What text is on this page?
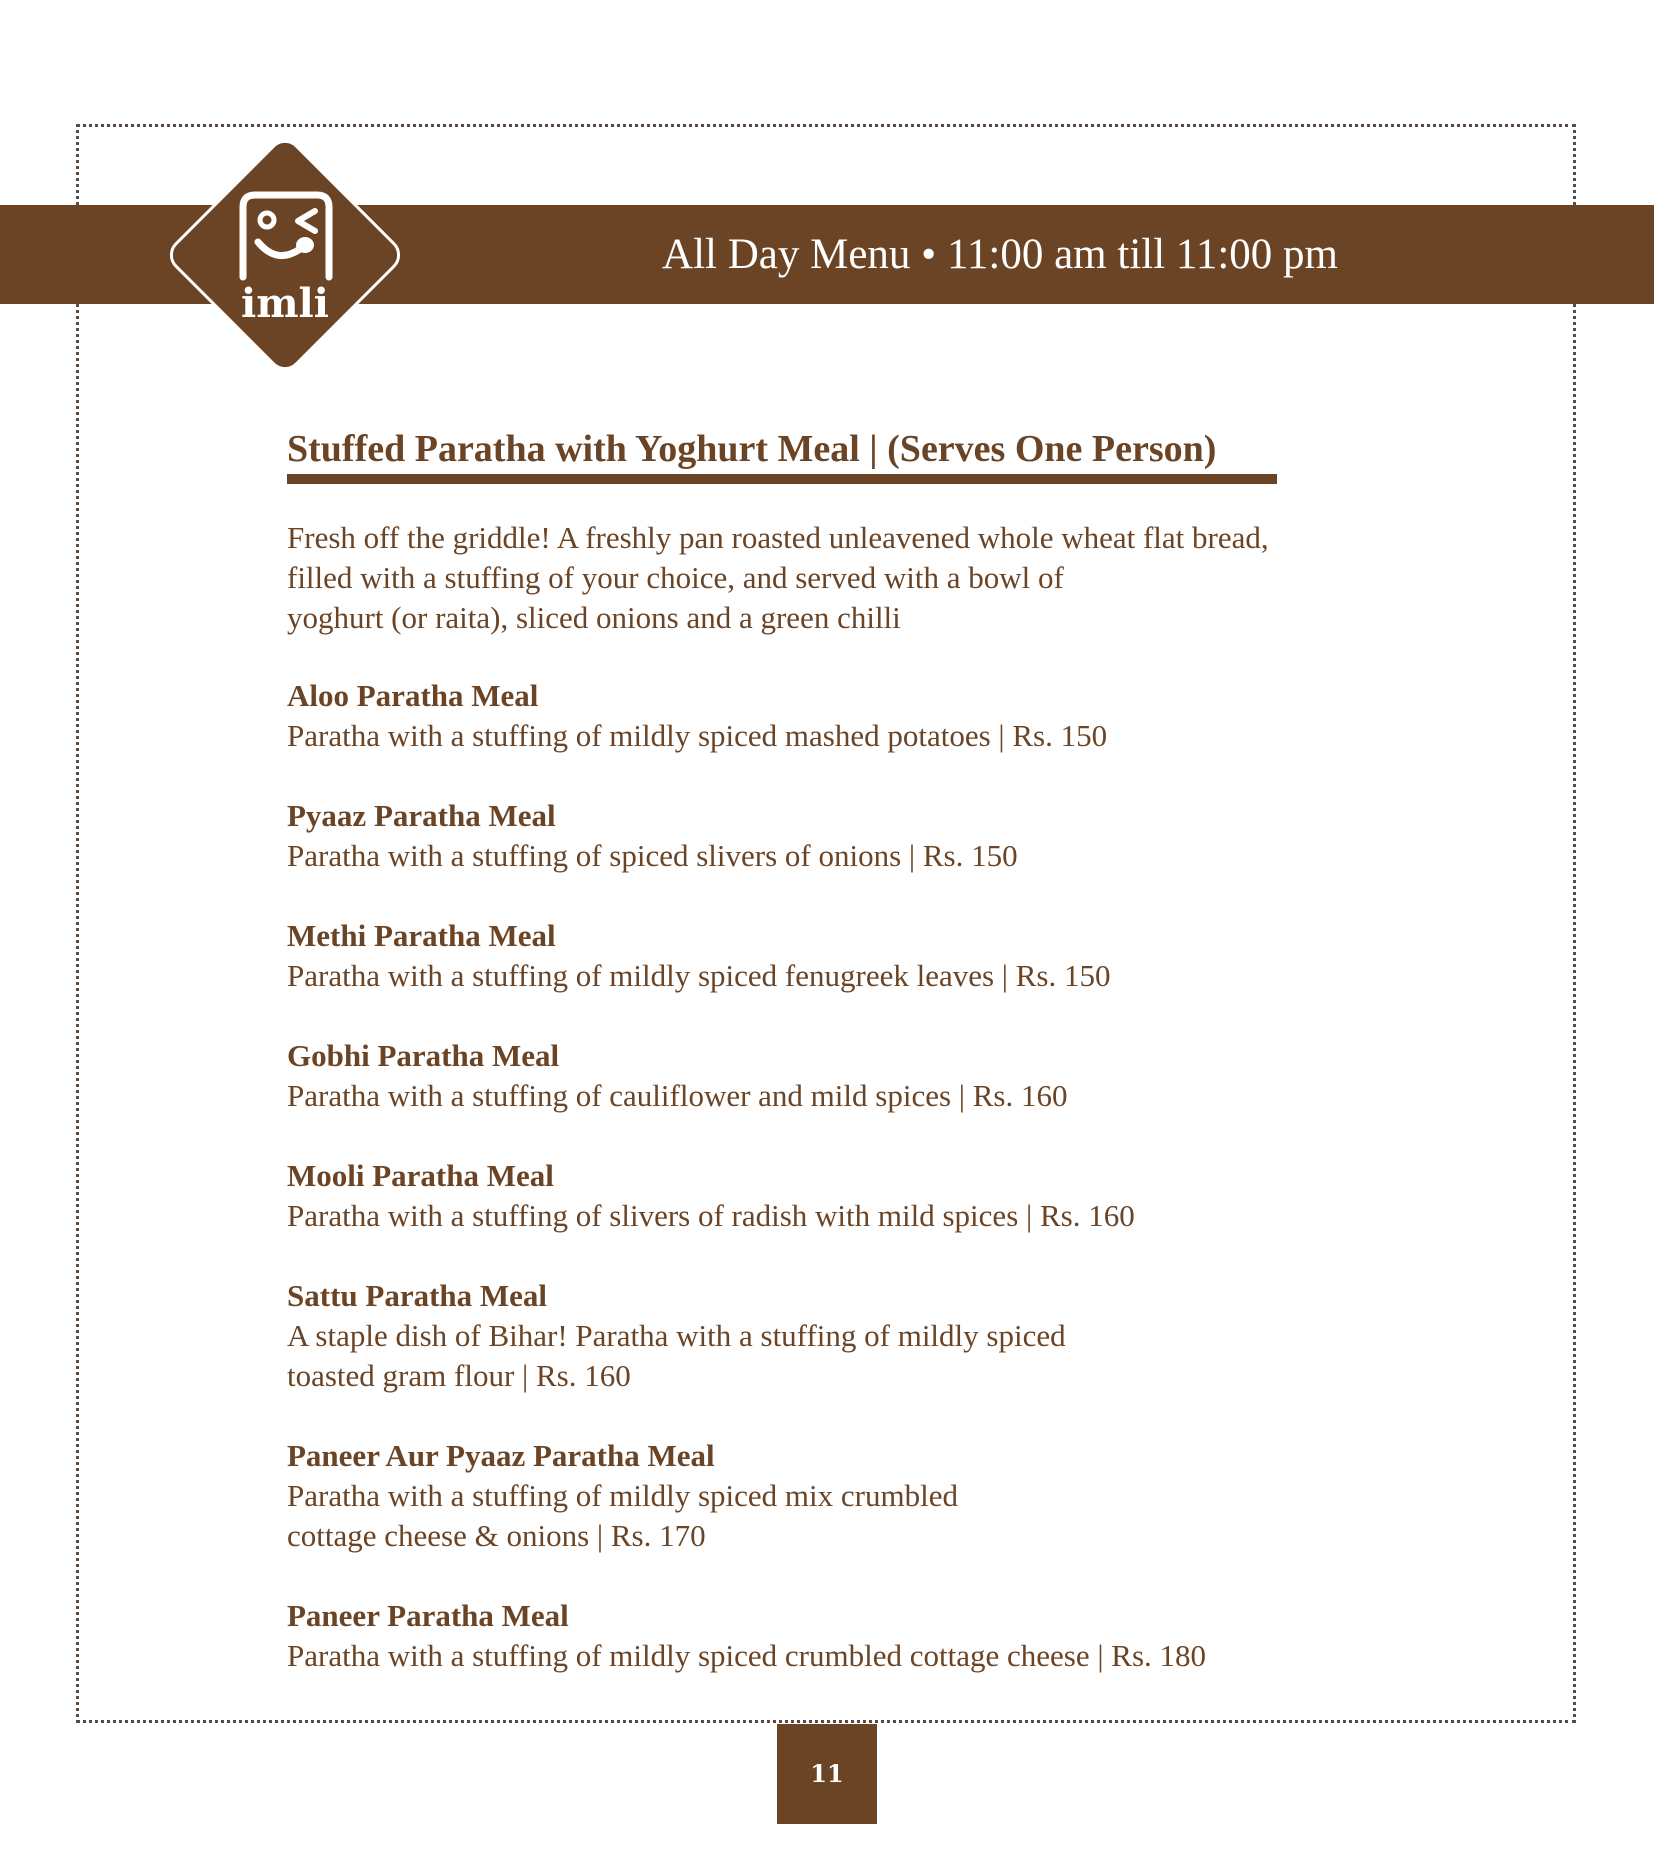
All Day Menu • 11:00 am till 11:00 pm
imli
Stuffed Paratha with Yoghurt Meal | (Serves One Person)
Fresh off the griddle! A freshly pan roasted unleavened whole wheat flat bread,
filled with a stuffing of your choice, and served with a bowl of
yoghurt (or raita), sliced onions and a green chilli
Aloo Paratha Meal
Paratha with a stuffing of mildly spiced mashed potatoes | Rs. 150
Pyaaz Paratha Meal
Paratha with a stuffing of spiced slivers of onions | Rs. 150
Methi Paratha Meal
Paratha with a stuffing of mildly spiced fenugreek leaves | Rs. 150
Gobhi Paratha Meal
Paratha with a stuffing of cauliflower and mild spices | Rs. 160
Mooli Paratha Meal
Paratha with a stuffing of slivers of radish with mild spices | Rs. 160
Sattu Paratha Meal
A staple dish of Bihar! Paratha with a stuffing of mildly spiced
toasted gram flour | Rs. 160
Paneer Aur Pyaaz Paratha Meal
Paratha with a stuffing of mildly spiced mix crumbled
cottage cheese & onions | Rs. 170
Paneer Paratha Meal
Paratha with a stuffing of mildly spiced crumbled cottage cheese | Rs. 180
11
